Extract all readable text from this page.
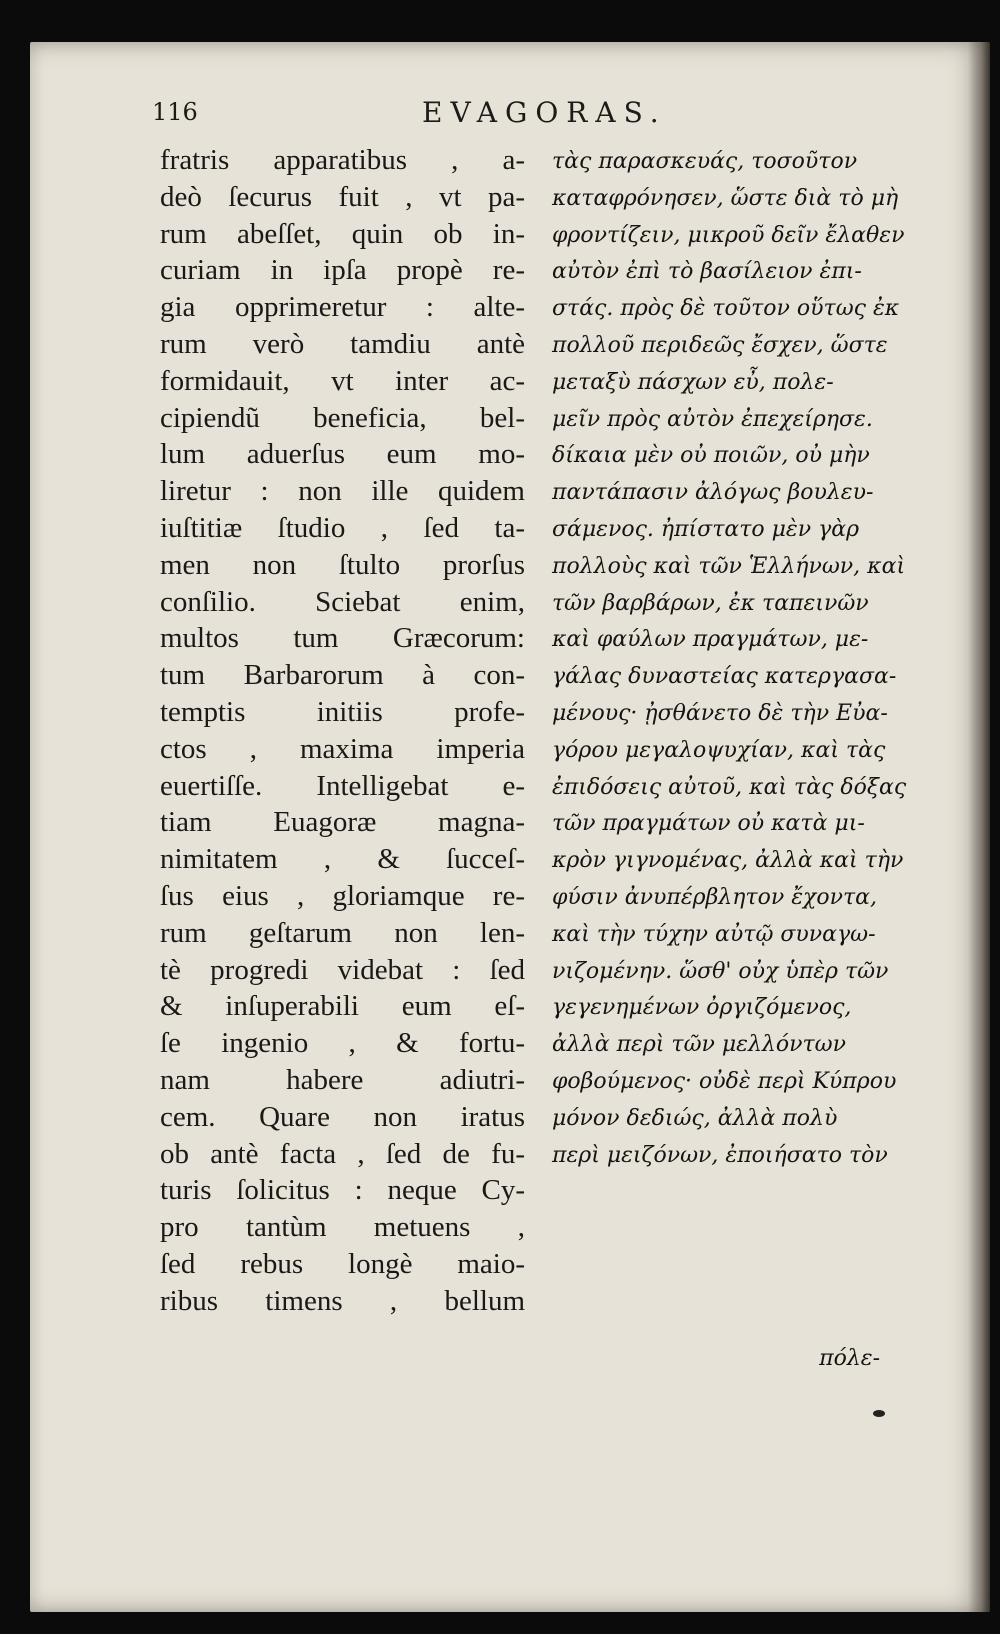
116	EVAGORAS.
fratris apparatibus , a-
deò ſecurus fuit , vt pa-
rum abeſſet, quin ob in-
curiam in ipſa propè re-
gia opprimeretur : alte-
rum verò tamdiu antè
formidauit, vt inter ac-
cipiendũ beneficia, bel-
lum aduerſus eum mo-
liretur : non ille quidem
iuſtitiæ ſtudio , ſed ta-
men non ſtulto prorſus
conſilio. Sciebat enim,
multos tum Græcorum:
tum Barbarorum à con-
temptis initiis profe-
ctos , maxima imperia
euertiſſe. Intelligebat e-
tiam Euagoræ magna-
nimitatem , & ſucceſ-
ſus eius , gloriamque re-
rum geſtarum non len-
tè progredi videbat : ſed
& inſuperabili eum eſ-
ſe ingenio , & fortu-
nam habere adiutri-
cem. Quare non iratus
ob antè facta , ſed de fu-
turis ſolicitus : neque Cy-
pro tantùm metuens ,
ſed rebus longè maio-
ribus timens , bellum
τὰς παρασκευάς, τοσοῦτον
καταφρόνησεν, ὥστε διὰ τὸ μὴ
φροντίζειν, μικροῦ δεῖν ἔλαθεν
αὐτὸν ἐπὶ τὸ βασίλειον ἐπι-
στάς. πρὸς δὲ τοῦτον οὕτως ἐκ
πολλοῦ περιδεῶς ἔσχεν, ὥστε
μεταξὺ πάσχων εὖ, πολε-
μεῖν πρὸς αὐτὸν ἐπεχείρησε.
δίκαια μὲν οὐ ποιῶν, οὐ μὴν
παντάπασιν ἀλόγως βουλευ-
σάμενος. ἠπίστατο μὲν γὰρ
πολλοὺς καὶ τῶν Ἑλλήνων, καὶ
τῶν βαρβάρων, ἐκ ταπεινῶν
καὶ φαύλων πραγμάτων, με-
γάλας δυναστείας κατεργασα-
μένους· ᾐσθάνετο δὲ τὴν Εὐα-
γόρου μεγαλοψυχίαν, καὶ τὰς
ἐπιδόσεις αὐτοῦ, καὶ τὰς δόξας
τῶν πραγμάτων οὐ κατὰ μι-
κρὸν γιγνομένας, ἀλλὰ καὶ τὴν
φύσιν ἀνυπέρβλητον ἔχοντα,
καὶ τὴν τύχην αὐτῷ συναγω-
νιζομένην. ὥσθ' οὐχ ὑπὲρ τῶν
γεγενημένων ὀργιζόμενος,
ἀλλὰ περὶ τῶν μελλόντων
φοβούμενος· οὐδὲ περὶ Κύπρου
μόνον δεδιώς, ἀλλὰ πολὺ
περὶ μειζόνων, ἐποιήσατο τὸν
πόλε-
